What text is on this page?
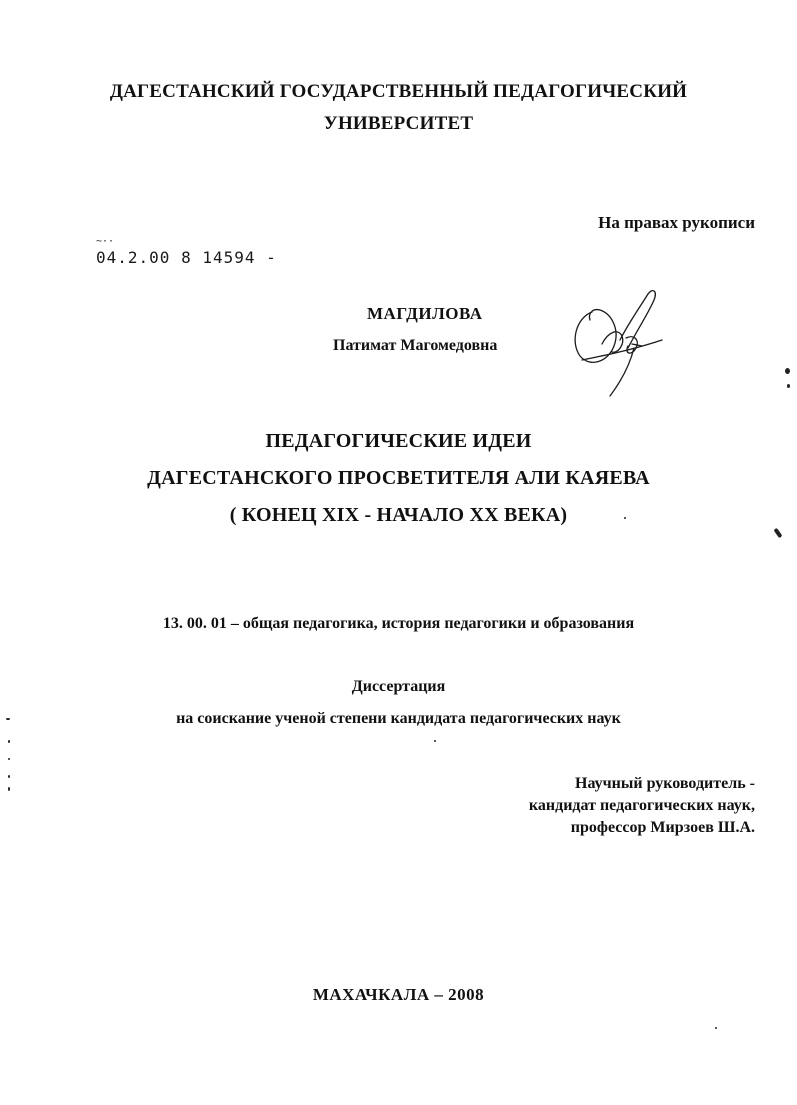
ДАГЕСТАНСКИЙ ГОСУДАРСТВЕННЫЙ ПЕДАГОГИЧЕСКИЙ
УНИВЕРСИТЕТ
На правах рукописи
~··
04.2.00 8 14594 -
МАГДИЛОВА
Патимат Магомедовна
ПЕДАГОГИЧЕСКИЕ ИДЕИ
ДАГЕСТАНСКОГО ПРОСВЕТИТЕЛЯ АЛИ КАЯЕВА
( КОНЕЦ XIX - НАЧАЛО XX ВЕКА)
13. 00. 01 – общая педагогика, история педагогики и образования
Диссертация
на соискание ученой степени кандидата педагогических наук
Научный руководитель -
кандидат педагогических наук,
профессор Мирзоев Ш.А.
МАХАЧКАЛА – 2008
